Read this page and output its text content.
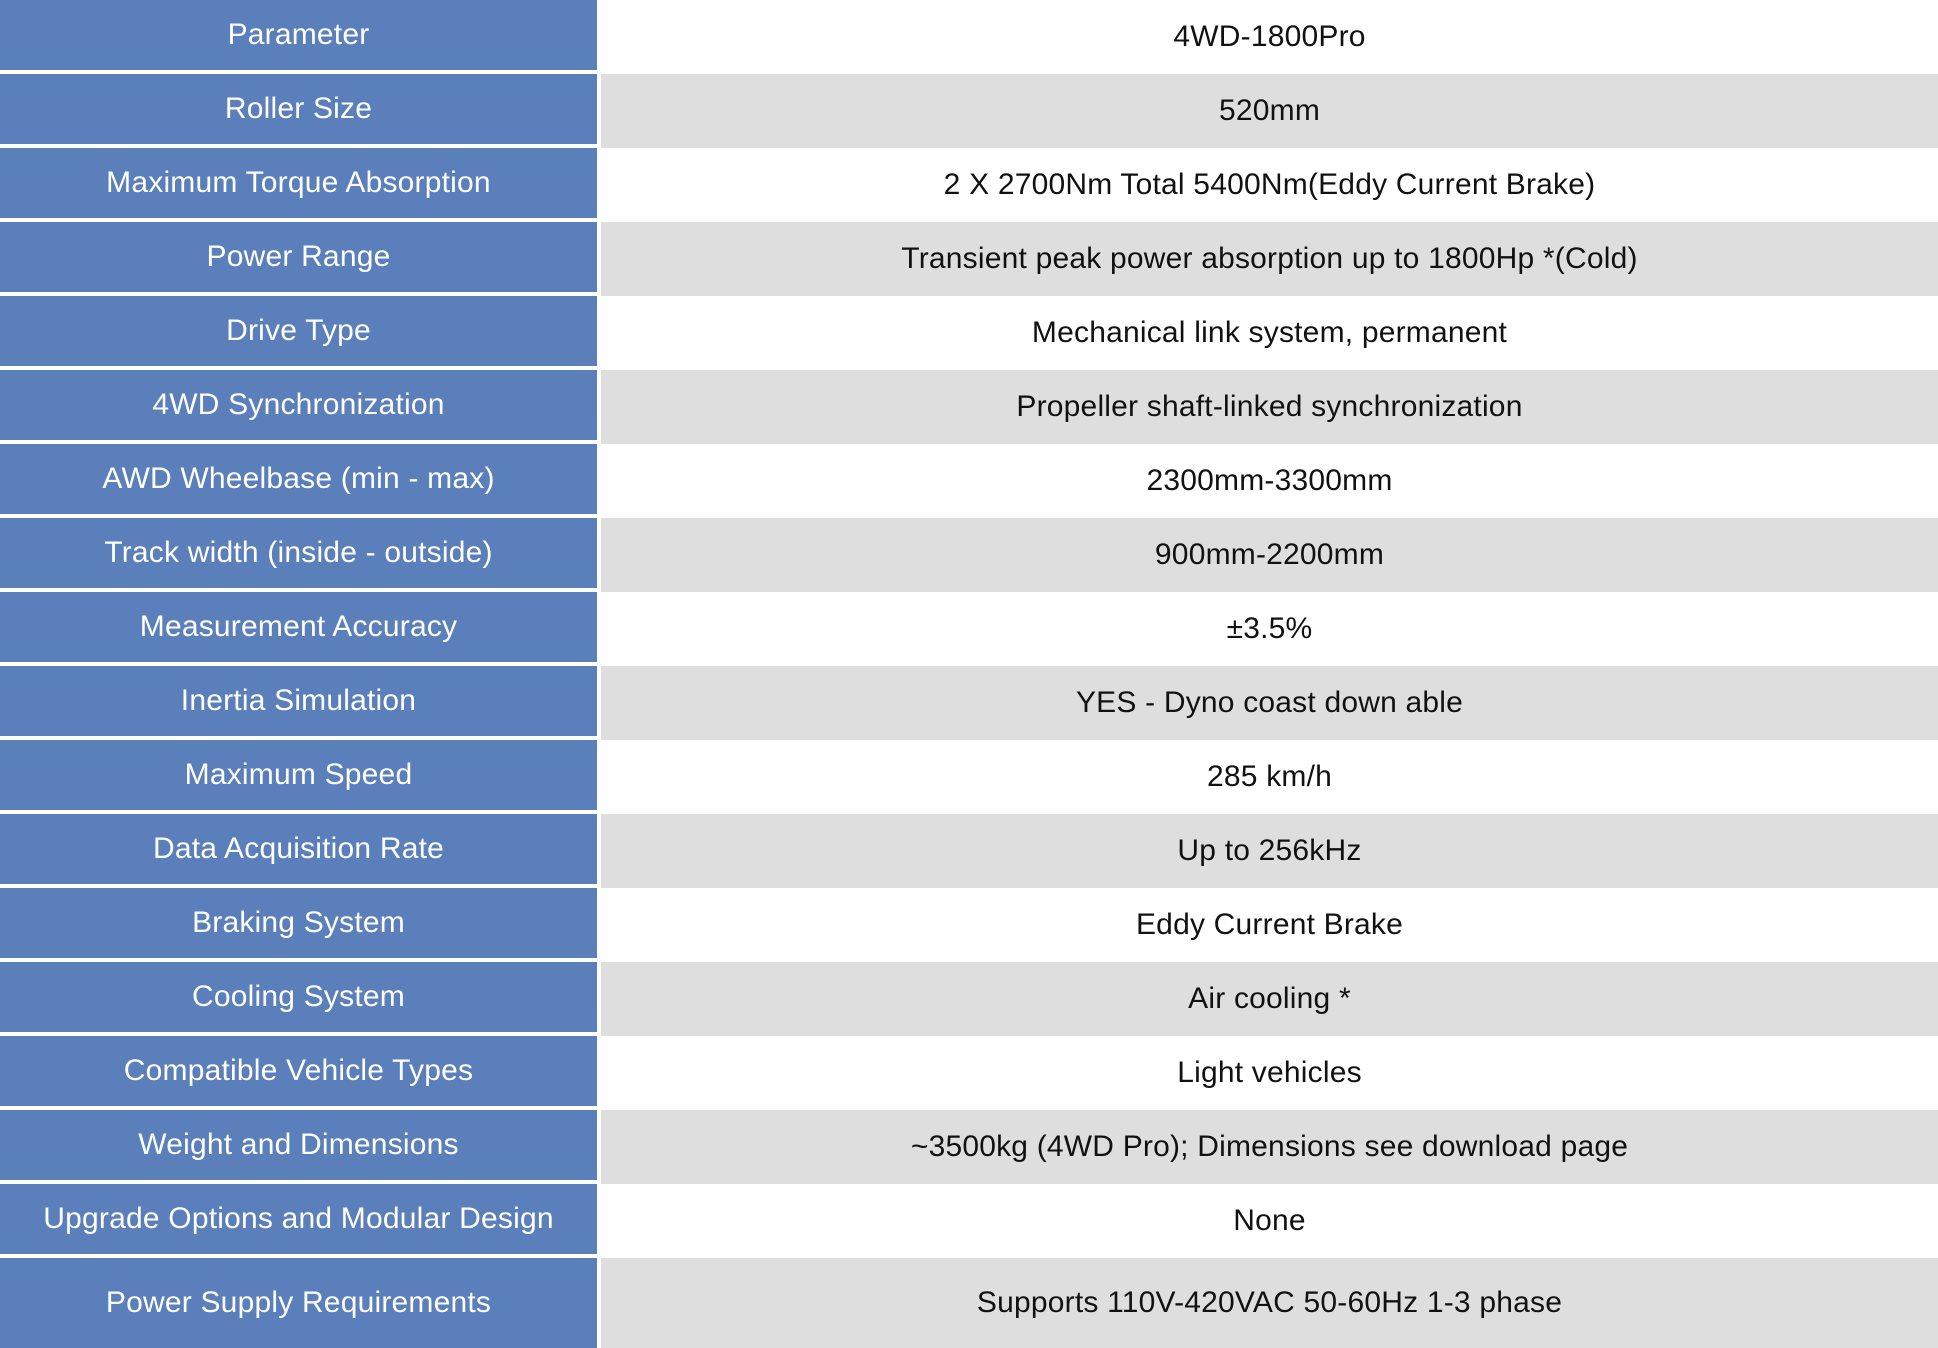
Parameter	4WD-1800Pro
Roller Size	520mm
Maximum Torque Absorption	2 X 2700Nm Total 5400Nm(Eddy Current Brake)
Power Range	Transient peak power absorption up to 1800Hp *(Cold)
Drive Type	Mechanical link system, permanent
4WD Synchronization	Propeller shaft-linked synchronization
AWD Wheelbase (min - max)	2300mm-3300mm
Track width (inside - outside)	900mm-2200mm
Measurement Accuracy	±3.5%
Inertia Simulation	YES - Dyno coast down able
Maximum Speed	285 km/h
Data Acquisition Rate	Up to 256kHz
Braking System	Eddy Current Brake
Cooling System	Air cooling *
Compatible Vehicle Types	Light vehicles
Weight and Dimensions	~3500kg (4WD Pro); Dimensions see download page
Upgrade Options and Modular Design	None
Power Supply Requirements	Supports 110V-420VAC 50-60Hz 1-3 phase
